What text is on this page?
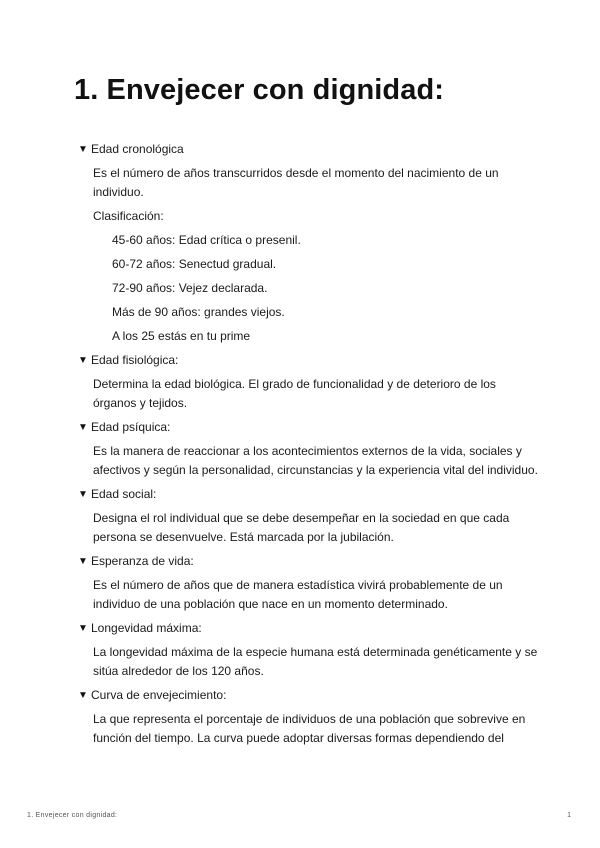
1. Envejecer con dignidad:
▼ Edad cronológica

Es el número de años transcurridos desde el momento del nacimiento de un individuo.

Clasificación:

45-60 años: Edad crítica o presenil.

60-72 años: Senectud gradual.

72-90 años: Vejez declarada.

Más de 90 años: grandes viejos.

A los 25 estás en tu prime

▼ Edad fisiológica:

Determina la edad biológica. El grado de funcionalidad y de deterioro de los órganos y tejidos.

▼ Edad psíquica:

Es la manera de reaccionar a los acontecimientos externos de la vida, sociales y afectivos y según la personalidad, circunstancias y la experiencia vital del individuo.

▼ Edad social:

Designa el rol individual que se debe desempeñar en la sociedad en que cada persona se desenvuelve. Está marcada por la jubilación.

▼ Esperanza de vida:

Es el número de años que de manera estadística vivirá probablemente de un individuo de una población que nace en un momento determinado.

▼ Longevidad máxima:

La longevidad máxima de la especie humana está determinada genéticamente y se sitúa alrededor de los 120 años.

▼ Curva de envejecimiento:

La que representa el porcentaje de individuos de una población que sobrevive en función del tiempo. La curva puede adoptar diversas formas dependiendo del

1. Envejecer con dignidad:	1
